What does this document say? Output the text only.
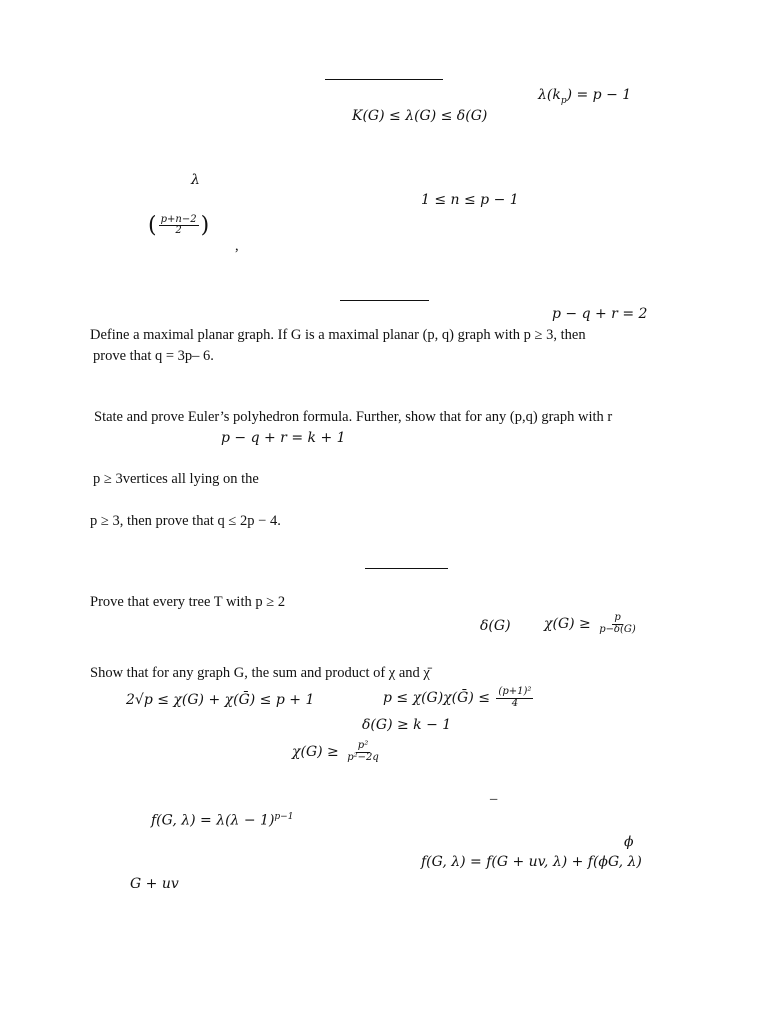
$\lambda(k_p) = p - 1$
K(G) ≤ λ(G) ≤ δ(G)
λ
1 ≤ n ≤ p − 1
( $\frac{p+n-2}{2}$ )
,
p − q + r = 2
Define a maximal planar graph. If G is a maximal planar (p, q) graph with p ≥ 3, then
prove that q = 3p– 6.
State and prove Euler’s polyhedron formula. Further, show that for any (p,q) graph with r
p − q + r = k + 1
p ≥ 3vertices all lying on the
p ≥ 3, then prove that q ≤ 2p − 4.
Prove that every tree T with p ≥ 2
δ(G) $\chi(G) \ge \frac{p}{p-\delta(G)}$
Show that for any graph G, the sum and product of χ and χ̄
2√p ≤ χ(G) + χ(Ḡ) ≤ p + 1	p ≤ χ(G)χ(Ḡ) ≤ $\frac{\text{(p+1)²}}{4}$
δ(G) ≥ k − 1
$\chi(G) \ge \frac{\text{p²}}{\text{p²−2q}}$
–
f(G, $\lambda) = \lambda(\lambda - 1)^{p-1}$
ϕ
f(G, λ) = f(G + uv, λ) + f(ϕG, λ)
G + uv
